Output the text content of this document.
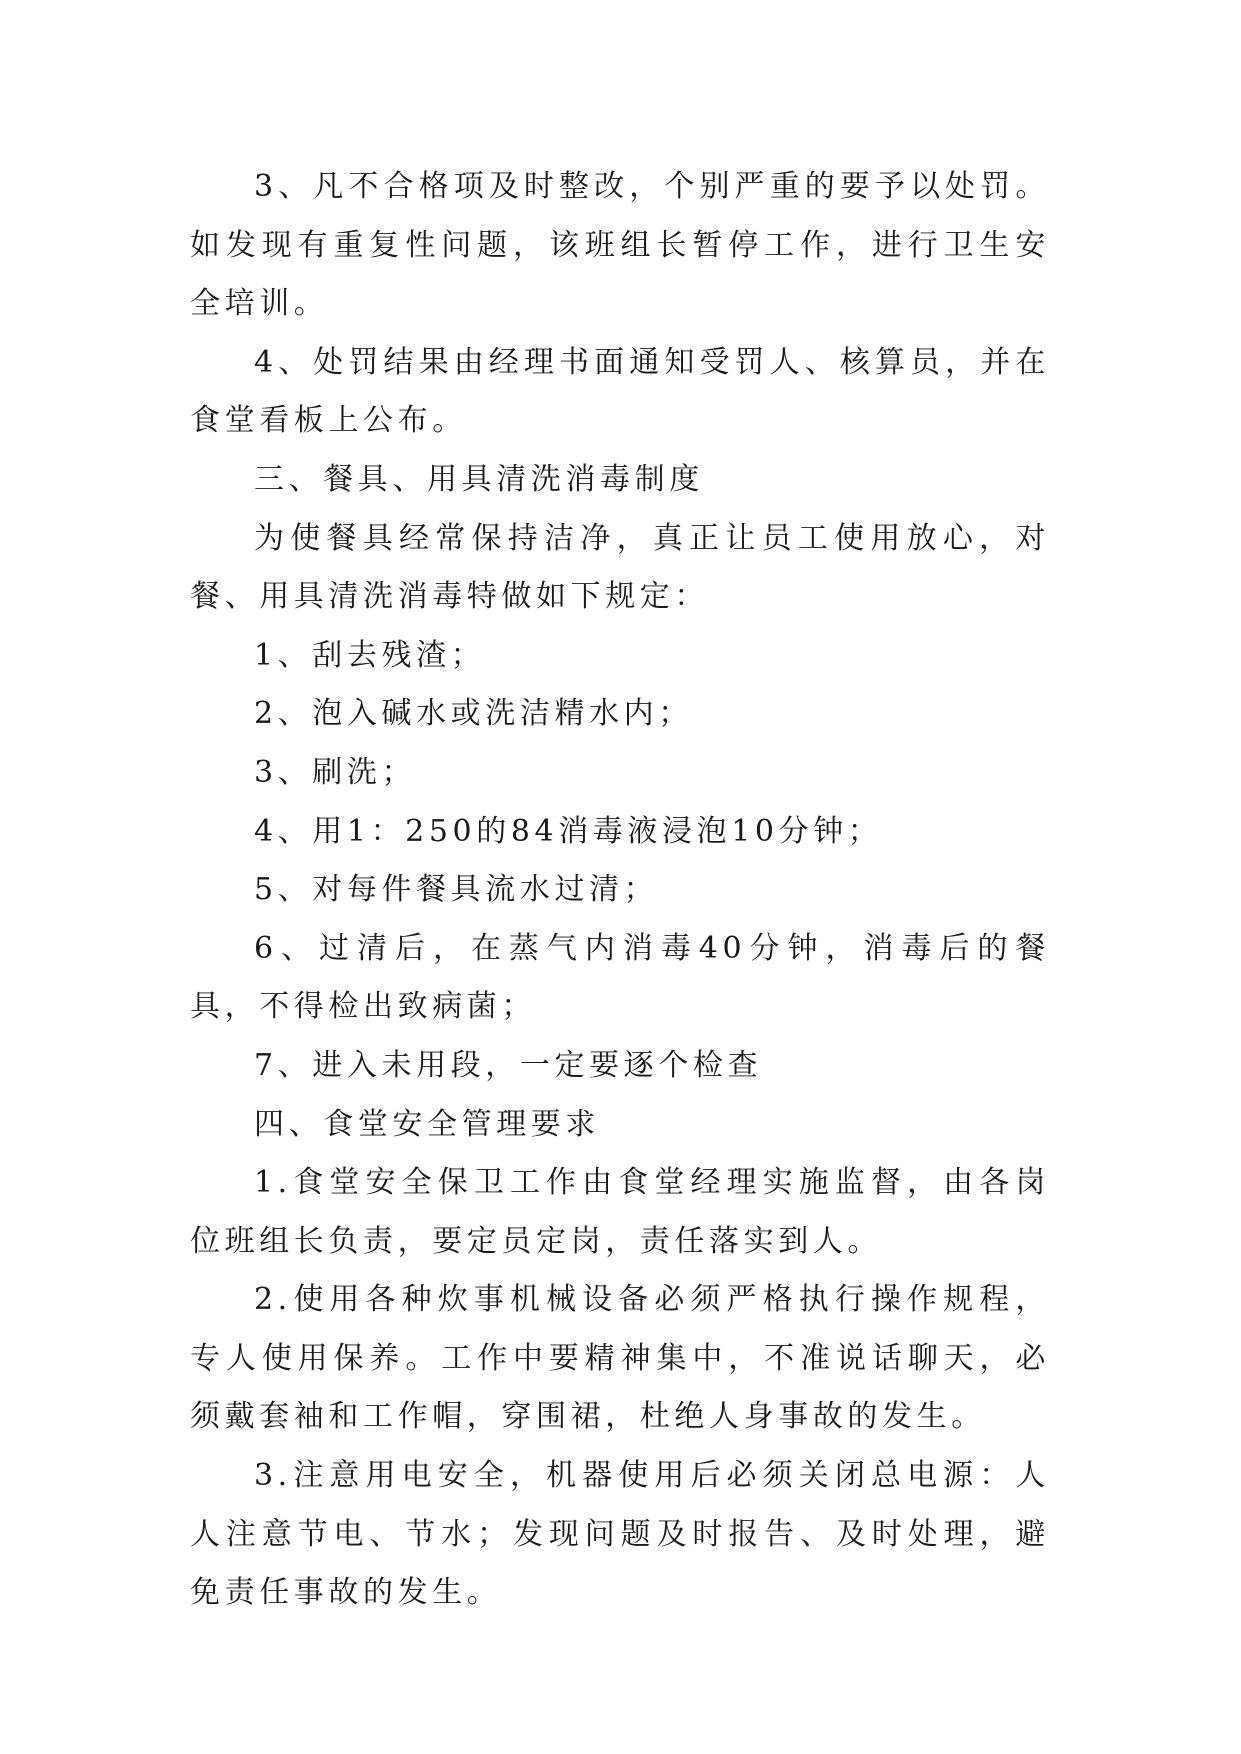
3、凡不合格项及时整改，个别严重的要予以处罚。如发现有重复性问题，该班组长暂停工作，进行卫生安全培训。

4、处罚结果由经理书面通知受罚人、核算员，并在食堂看板上公布。

三、餐具、用具清洗消毒制度

为使餐具经常保持洁净，真正让员工使用放心，对餐、用具清洗消毒特做如下规定：

1、刮去残渣；

2、泡入碱水或洗洁精水内；

3、刷洗；

4、用1：250的84消毒液浸泡10分钟；

5、对每件餐具流水过清；

6、过清后，在蒸气内消毒40分钟，消毒后的餐具，不得检出致病菌；

7、进入未用段，一定要逐个检查

四、食堂安全管理要求

1.食堂安全保卫工作由食堂经理实施监督，由各岗位班组长负责，要定员定岗，责任落实到人。

2.使用各种炊事机械设备必须严格执行操作规程，专人使用保养。工作中要精神集中，不准说话聊天，必须戴套袖和工作帽，穿围裙，杜绝人身事故的发生。

3.注意用电安全，机器使用后必须关闭总电源：人人注意节电、节水；发现问题及时报告、及时处理，避免责任事故的发生。
